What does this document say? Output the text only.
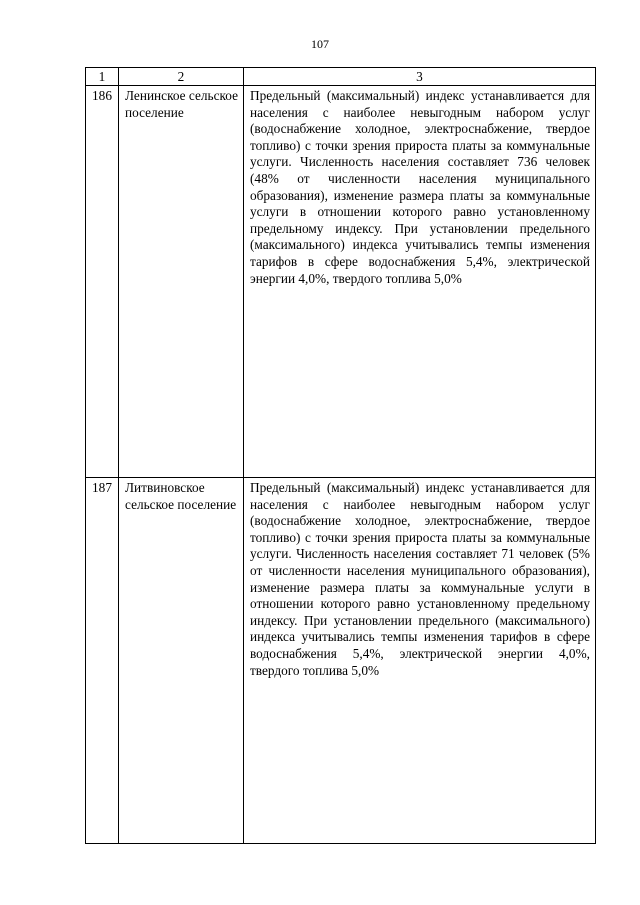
107
1	2	3
186	Ленинское сельское поселение	Предельный (максимальный) индекс устанавливается для населения с наиболее невыгодным набором услуг (водоснабжение холодное, электроснабжение, твердое топливо) с точки зрения прироста платы за коммунальные услуги. Численность населения составляет 736 человек (48% от численности населения муниципального образования), изменение размера платы за коммунальные услуги в отношении которого равно установленному предельному индексу. При установлении предельного (максимального) индекса учитывались темпы изменения тарифов в сфере водоснабжения 5,4%, электрической энергии 4,0%, твердого топлива 5,0%
187	Литвиновское сельское поселение	Предельный (максимальный) индекс устанавливается для населения с наиболее невыгодным набором услуг (водоснабжение холодное, электроснабжение, твердое топливо) с точки зрения прироста платы за коммунальные услуги. Численность населения составляет 71 человек (5% от численности населения муниципального образования), изменение размера платы за коммунальные услуги в отношении которого равно установленному предельному индексу. При установлении предельного (максимального) индекса учитывались темпы изменения тарифов в сфере водоснабжения 5,4%, электрической энергии 4,0%, твердого топлива 5,0%
